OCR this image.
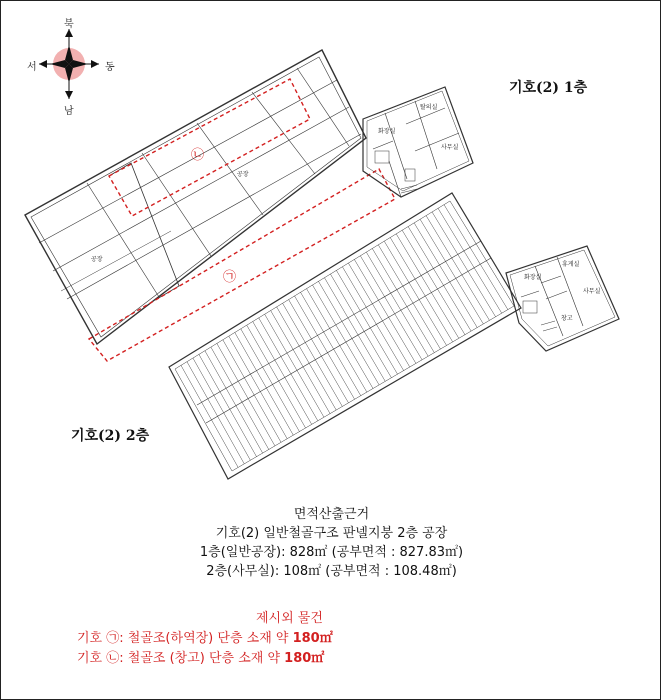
북
남
동
서
㉡
㉠
공장
공장
화장실
탈의실
사무실
화장실
휴게실
사무실
창고
기호(2) 1층
기호(2) 2층
면적산출근거
기호(2) 일반철골구조 판넬지붕 2층 공장
1층(일반공장): 828㎡ (공부면적 : 827.83㎡)
2층(사무실): 108㎡ (공부면적 : 108.48㎡)
제시외 물건
기호 ㉠: 철골조(하역장) 단층 소재 약 180㎡
기호 ㉡: 철골조 (창고) 단층 소재 약 180㎡
